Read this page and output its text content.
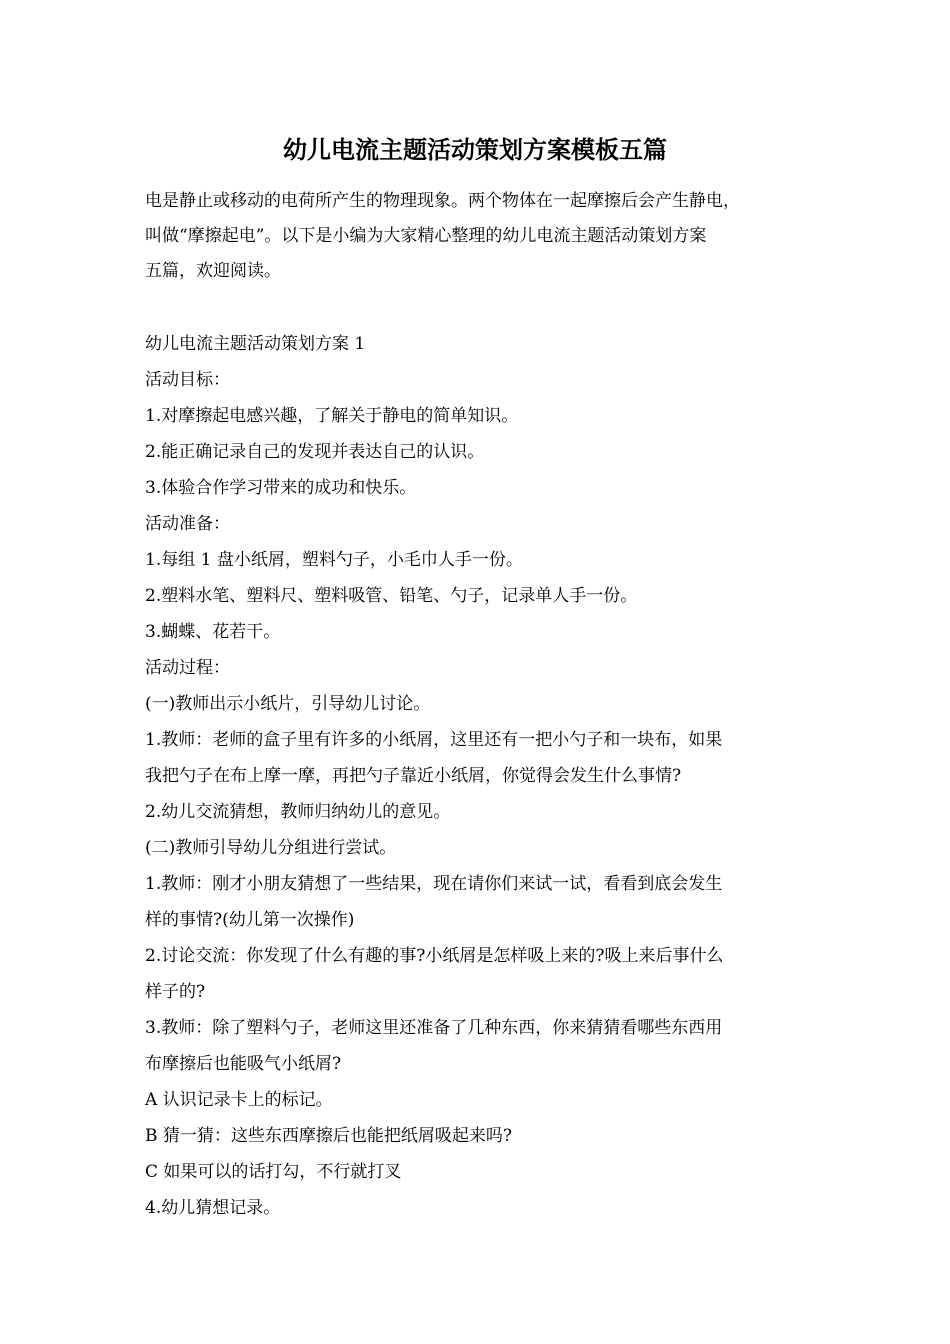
幼儿电流主题活动策划方案模板五篇
电是静止或移动的电荷所产生的物理现象。两个物体在一起摩擦后会产生静电，
叫做“摩擦起电”。以下是小编为大家精心整理的幼儿电流主题活动策划方案
五篇，欢迎阅读。
幼儿电流主题活动策划方案 1
活动目标：
1.对摩擦起电感兴趣，了解关于静电的简单知识。
2.能正确记录自己的发现并表达自己的认识。
3.体验合作学习带来的成功和快乐。
活动准备：
1.每组 1 盘小纸屑，塑料勺子，小毛巾人手一份。
2.塑料水笔、塑料尺、塑料吸管、铅笔、勺子，记录单人手一份。
3.蝴蝶、花若干。
活动过程：
(一)教师出示小纸片，引导幼儿讨论。
1.教师：老师的盒子里有许多的小纸屑，这里还有一把小勺子和一块布，如果
我把勺子在布上摩一摩，再把勺子靠近小纸屑，你觉得会发生什么事情?
2.幼儿交流猜想，教师归纳幼儿的意见。
(二)教师引导幼儿分组进行尝试。
1.教师：刚才小朋友猜想了一些结果，现在请你们来试一试，看看到底会发生
样的事情?(幼儿第一次操作)
2.讨论交流：你发现了什么有趣的事?小纸屑是怎样吸上来的?吸上来后事什么
样子的?
3.教师：除了塑料勺子，老师这里还准备了几种东西，你来猜猜看哪些东西用
布摩擦后也能吸气小纸屑?
A 认识记录卡上的标记。
B 猜一猜：这些东西摩擦后也能把纸屑吸起来吗?
C 如果可以的话打勾，不行就打叉
4.幼儿猜想记录。
